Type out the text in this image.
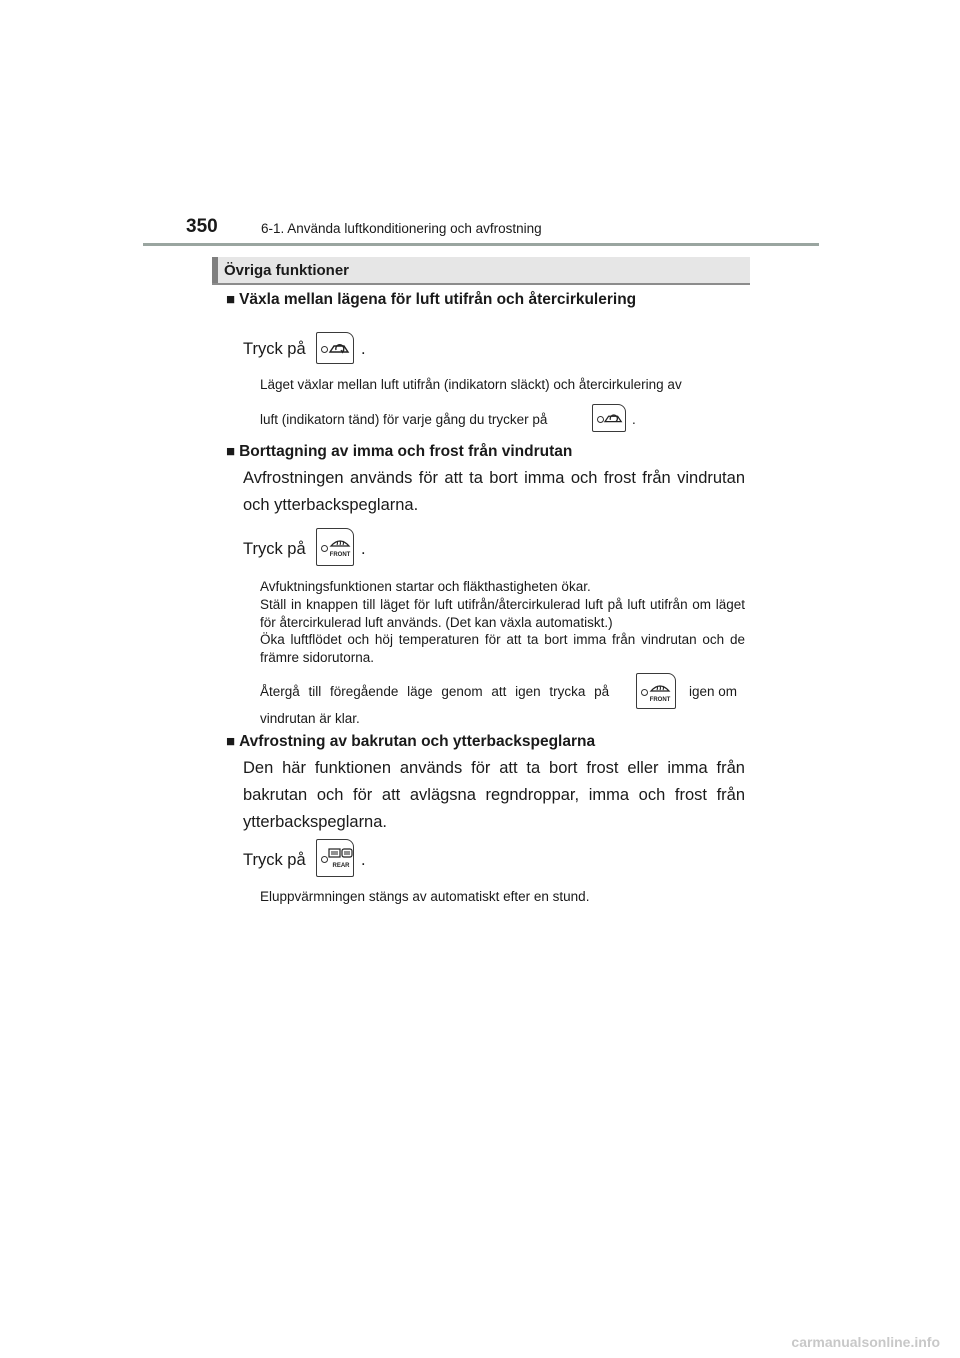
350	6-1. Använda luftkonditionering och avfrostning
Övriga funktioner
■ Växla mellan lägena för luft utifrån och återcirkulering
Tryck på	.
Läget växlar mellan luft utifrån (indikatorn släckt) och återcirkulering av
luft (indikatorn tänd) för varje gång du trycker på	.
■ Borttagning av imma och frost från vindrutan
Avfrostningen används för att ta bort imma och frost från vindrutan och ytterbackspeglarna.
Tryck på	FRONT .
Avfuktningsfunktionen startar och fläkthastigheten ökar.
Ställ in knappen till läget för luft utifrån/återcirkulerad luft på luft utifrån om läget för återcirkulerad luft används. (Det kan växla automatiskt.)
Öka luftflödet och höj temperaturen för att ta bort imma från vindrutan och de främre sidorutorna.
Återgå till föregående läge genom att igen trycka på
FRONT
igen om
vindrutan är klar.
■ Avfrostning av bakrutan och ytterbackspeglarna
Den här funktionen används för att ta bort frost eller imma från bakrutan och för att avlägsna regndroppar, imma och frost från ytterbackspeglarna.
Tryck på	REAR .
Eluppvärmningen stängs av automatiskt efter en stund.
carmanualsonline.info
